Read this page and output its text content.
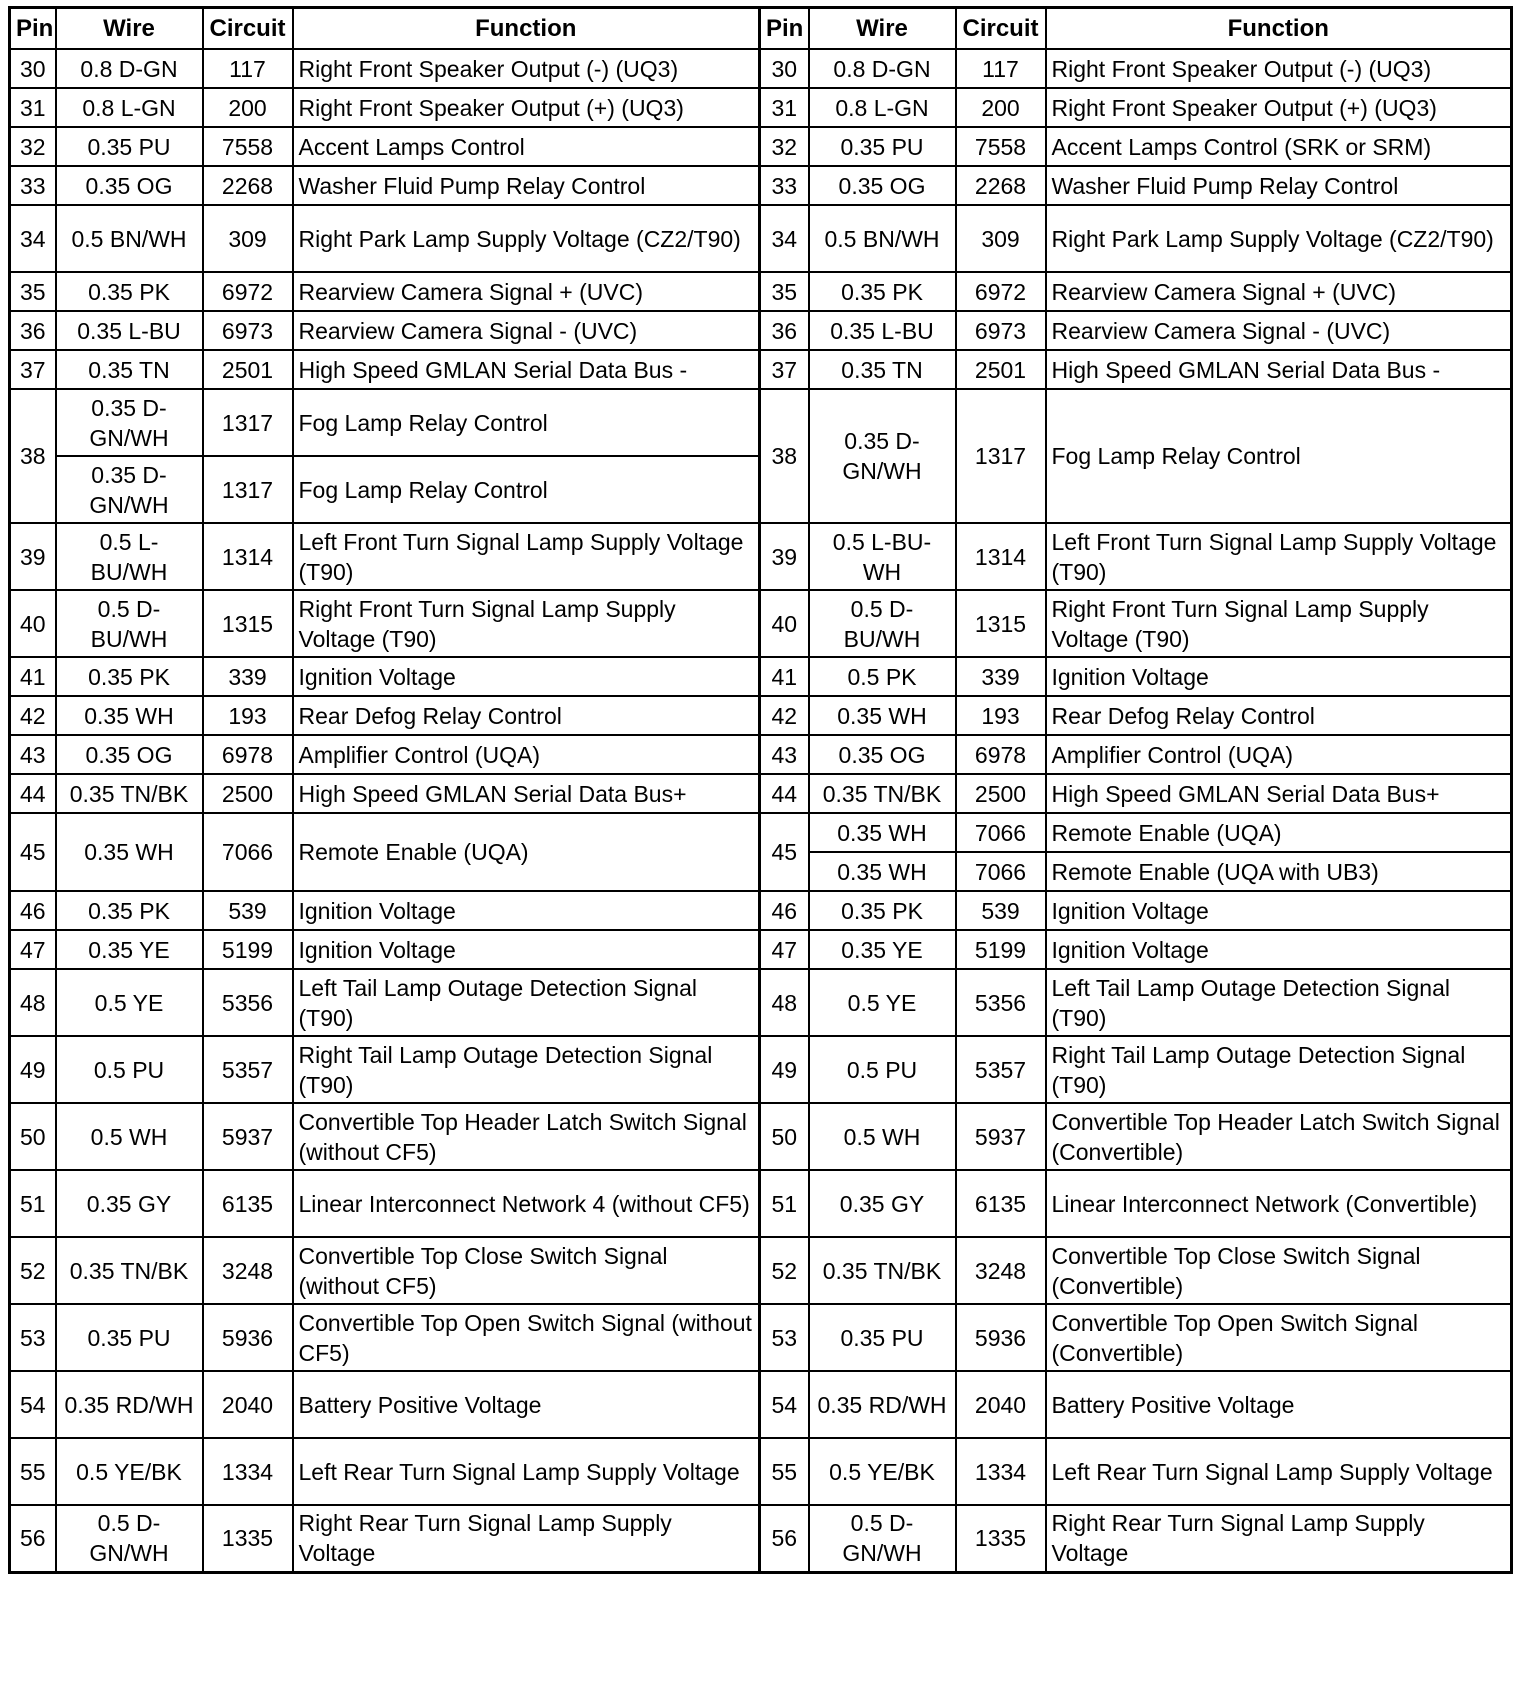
Pin	Wire	Circuit	Function	Pin	Wire	Circuit	Function
30	0.8 D-GN	117	Right Front Speaker Output (-) (UQ3)	30	0.8 D-GN	117	Right Front Speaker Output (-) (UQ3)
31	0.8 L-GN	200	Right Front Speaker Output (+) (UQ3)	31	0.8 L-GN	200	Right Front Speaker Output (+) (UQ3)
32	0.35 PU	7558	Accent Lamps Control	32	0.35 PU	7558	Accent Lamps Control (SRK or SRM)
33	0.35 OG	2268	Washer Fluid Pump Relay Control	33	0.35 OG	2268	Washer Fluid Pump Relay Control
34	0.5 BN/WH	309	Right Park Lamp Supply Voltage (CZ2/T90)	34	0.5 BN/WH	309	Right Park Lamp Supply Voltage (CZ2/T90)
35	0.35 PK	6972	Rearview Camera Signal + (UVC)	35	0.35 PK	6972	Rearview Camera Signal + (UVC)
36	0.35 L-BU	6973	Rearview Camera Signal - (UVC)	36	0.35 L-BU	6973	Rearview Camera Signal - (UVC)
37	0.35 TN	2501	High Speed GMLAN Serial Data Bus -	37	0.35 TN	2501	High Speed GMLAN Serial Data Bus -
38	0.35 D-GN/WH	1317	Fog Lamp Relay Control	38	0.35 D-GN/WH	1317	Fog Lamp Relay Control
	0.35 D-GN/WH	1317	Fog Lamp Relay Control				
39	0.5 L-BU/WH	1314	Left Front Turn Signal Lamp Supply Voltage (T90)	39	0.5 L-BU-WH	1314	Left Front Turn Signal Lamp Supply Voltage (T90)
40	0.5 D-BU/WH	1315	Right Front Turn Signal Lamp Supply Voltage (T90)	40	0.5 D-BU/WH	1315	Right Front Turn Signal Lamp Supply Voltage (T90)
41	0.35 PK	339	Ignition Voltage	41	0.5 PK	339	Ignition Voltage
42	0.35 WH	193	Rear Defog Relay Control	42	0.35 WH	193	Rear Defog Relay Control
43	0.35 OG	6978	Amplifier Control (UQA)	43	0.35 OG	6978	Amplifier Control (UQA)
44	0.35 TN/BK	2500	High Speed GMLAN Serial Data Bus+	44	0.35 TN/BK	2500	High Speed GMLAN Serial Data Bus+
45	0.35 WH	7066	Remote Enable (UQA)	45	0.35 WH	7066	Remote Enable (UQA)
					0.35 WH	7066	Remote Enable (UQA with UB3)
46	0.35 PK	539	Ignition Voltage	46	0.35 PK	539	Ignition Voltage
47	0.35 YE	5199	Ignition Voltage	47	0.35 YE	5199	Ignition Voltage
48	0.5 YE	5356	Left Tail Lamp Outage Detection Signal (T90)	48	0.5 YE	5356	Left Tail Lamp Outage Detection Signal (T90)
49	0.5 PU	5357	Right Tail Lamp Outage Detection Signal (T90)	49	0.5 PU	5357	Right Tail Lamp Outage Detection Signal (T90)
50	0.5 WH	5937	Convertible Top Header Latch Switch Signal (without CF5)	50	0.5 WH	5937	Convertible Top Header Latch Switch Signal (Convertible)
51	0.35 GY	6135	Linear Interconnect Network 4 (without CF5)	51	0.35 GY	6135	Linear Interconnect Network (Convertible)
52	0.35 TN/BK	3248	Convertible Top Close Switch Signal (without CF5)	52	0.35 TN/BK	3248	Convertible Top Close Switch Signal (Convertible)
53	0.35 PU	5936	Convertible Top Open Switch Signal (without CF5)	53	0.35 PU	5936	Convertible Top Open Switch Signal (Convertible)
54	0.35 RD/WH	2040	Battery Positive Voltage	54	0.35 RD/WH	2040	Battery Positive Voltage
55	0.5 YE/BK	1334	Left Rear Turn Signal Lamp Supply Voltage	55	0.5 YE/BK	1334	Left Rear Turn Signal Lamp Supply Voltage
56	0.5 D-GN/WH	1335	Right Rear Turn Signal Lamp Supply Voltage	56	0.5 D-GN/WH	1335	Right Rear Turn Signal Lamp Supply Voltage
